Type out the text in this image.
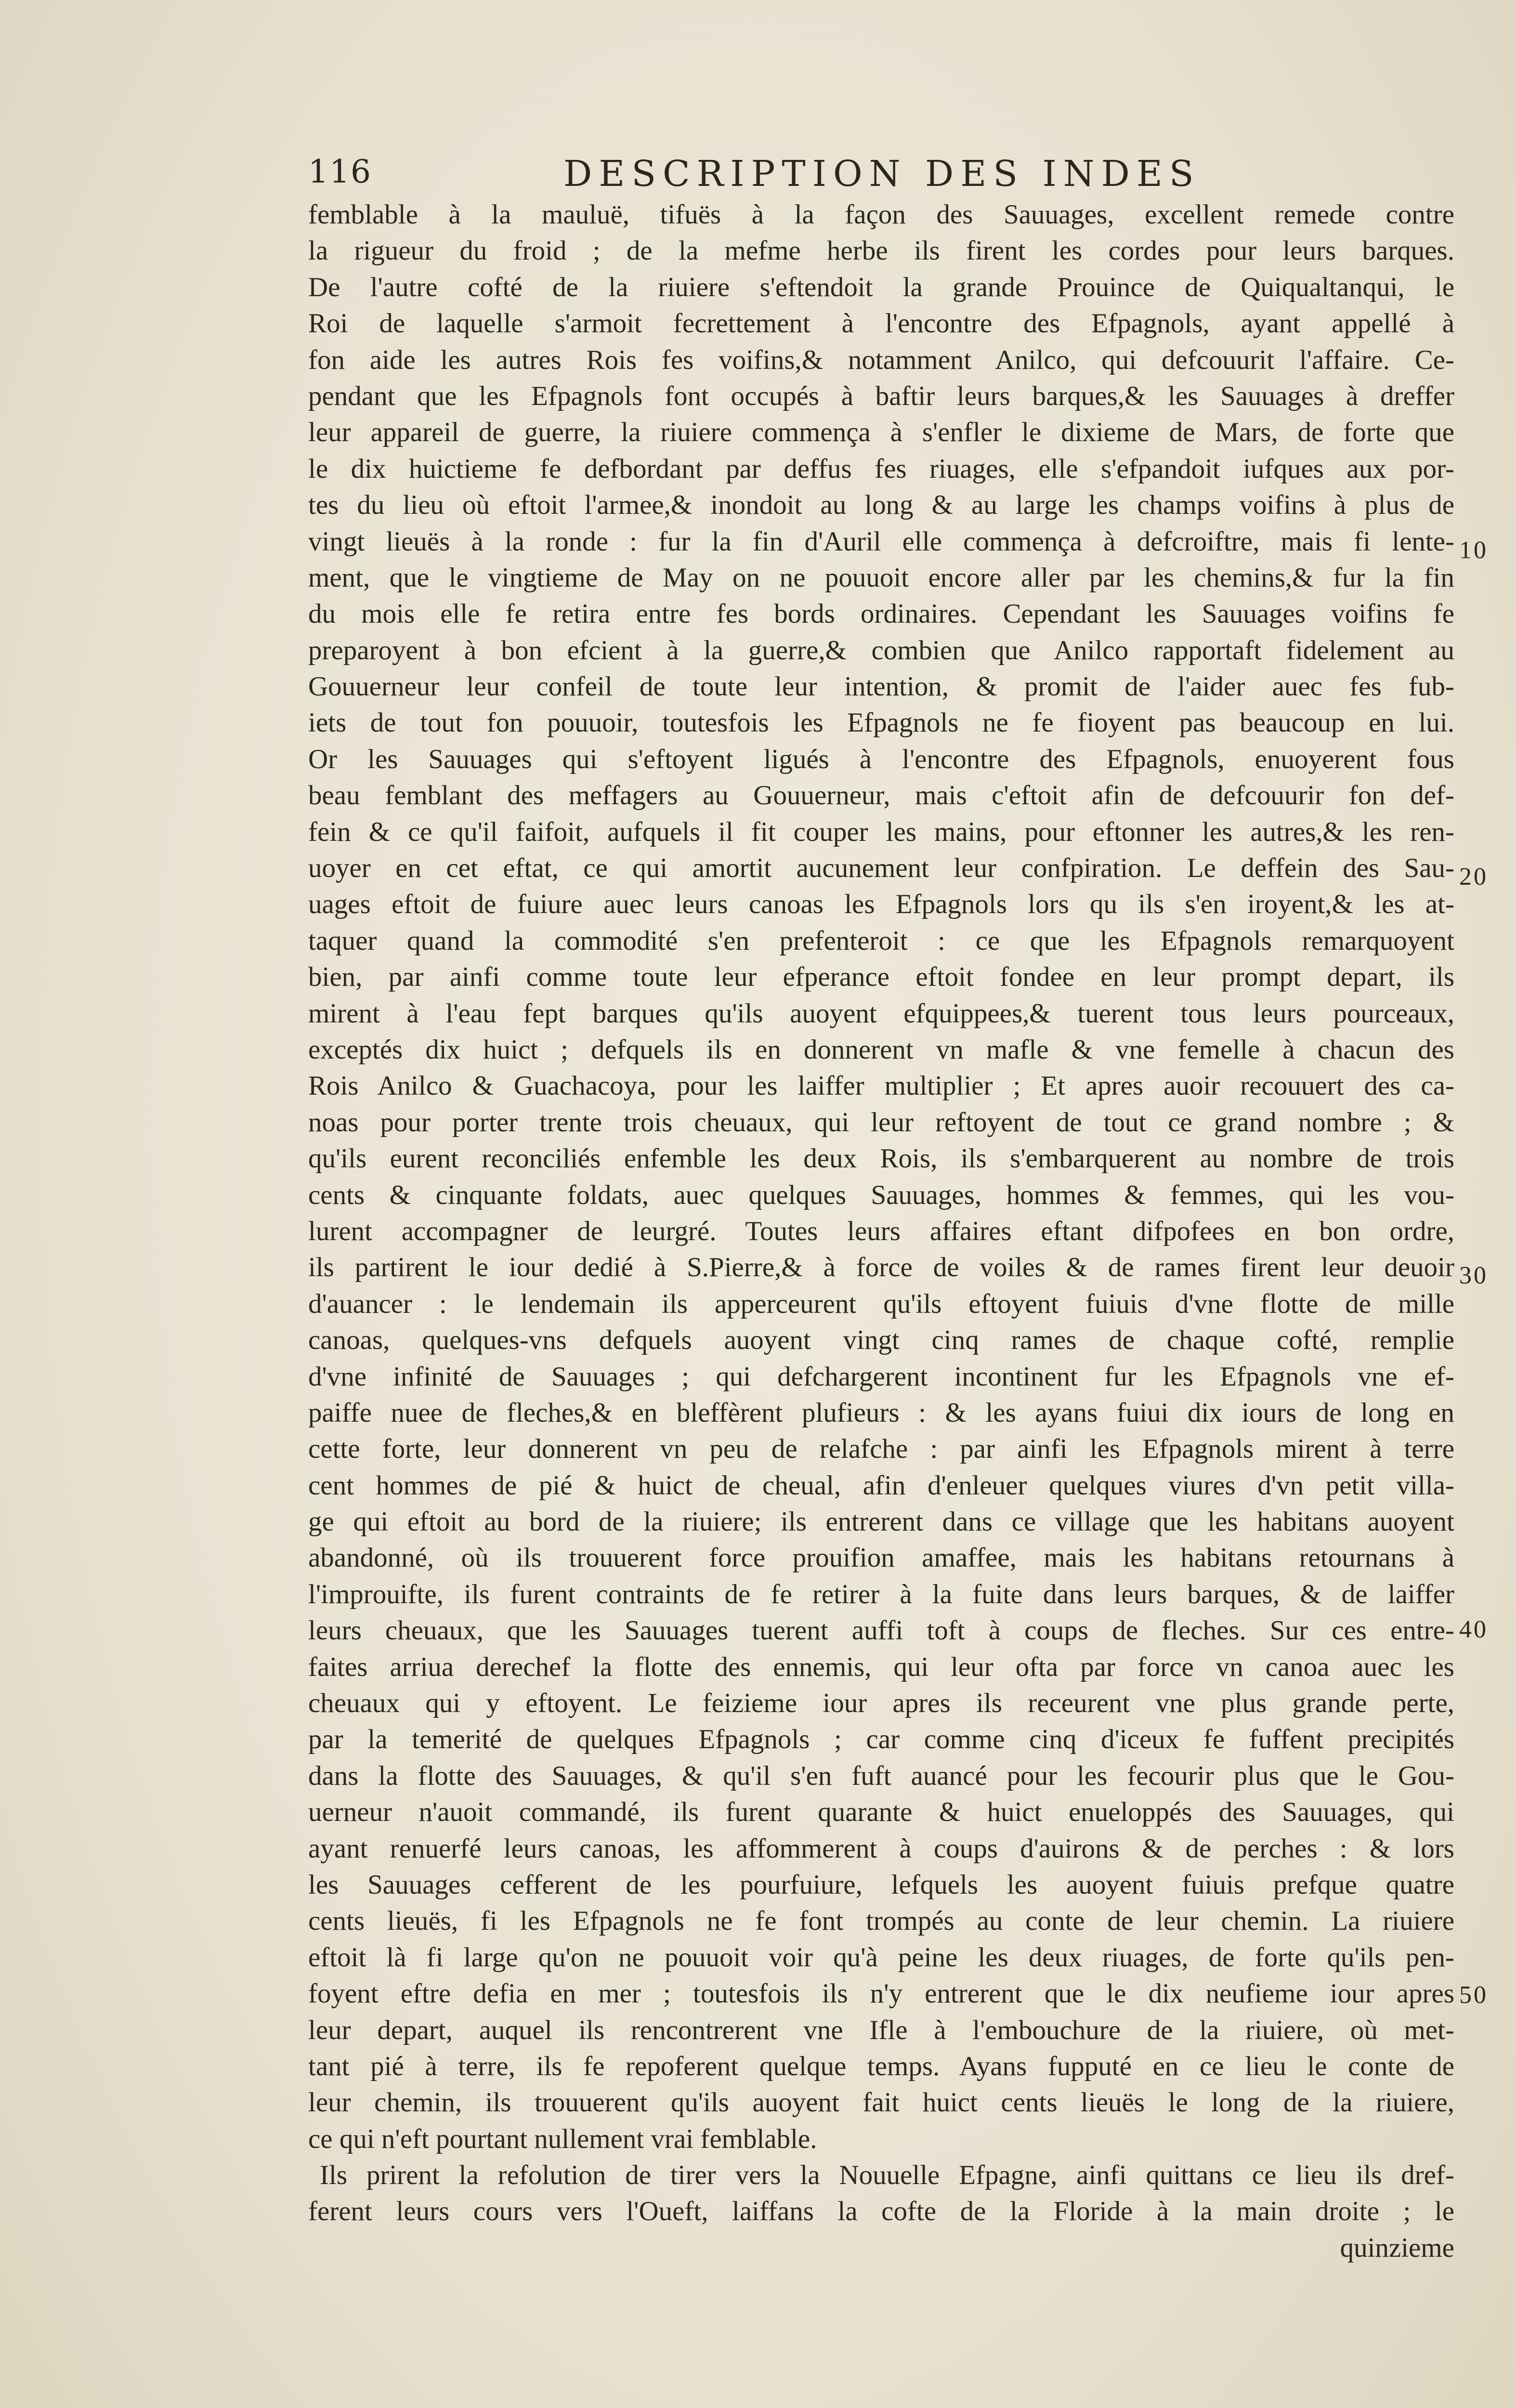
116	DESCRIPTION DES INDES
femblable à la mauluë, tifuës à la façon des Sauuages, excellent remede contre
la rigueur du froid ; de la mefme herbe ils firent les cordes pour leurs barques.
De l'autre cofté de la riuiere s'eftendoit la grande Prouince de Quiqualtanqui, le
Roi de laquelle s'armoit fecrettement à l'encontre des Efpagnols, ayant appellé à
fon aide les autres Rois fes voifins,& notamment Anilco, qui defcouurit l'affaire. Ce-
pendant que les Efpagnols font occupés à baftir leurs barques,& les Sauuages à dreffer
leur appareil de guerre, la riuiere commença à s'enfler le dixieme de Mars, de forte que
le dix huictieme fe defbordant par deffus fes riuages, elle s'efpandoit iufques aux por-
tes du lieu où eftoit l'armee,& inondoit au long & au large les champs voifins à plus de
vingt lieuës à la ronde : fur la fin d'Auril elle commença à defcroiftre, mais fi lente-
ment, que le vingtieme de May on ne pouuoit encore aller par les chemins,& fur la fin
du mois elle fe retira entre fes bords ordinaires. Cependant les Sauuages voifins fe
preparoyent à bon efcient à la guerre,& combien que Anilco rapportaft fidelement au
Gouuerneur leur confeil de toute leur intention, & promit de l'aider auec fes fub-
iets de tout fon pouuoir, toutesfois les Efpagnols ne fe fioyent pas beaucoup en lui.
Or les Sauuages qui s'eftoyent ligués à l'encontre des Efpagnols, enuoyerent fous
beau femblant des meffagers au Gouuerneur, mais c'eftoit afin de defcouurir fon def-
fein & ce qu'il faifoit, aufquels il fit couper les mains, pour eftonner les autres,& les ren-
uoyer en cet eftat, ce qui amortit aucunement leur confpiration. Le deffein des Sau-
uages eftoit de fuiure auec leurs canoas les Efpagnols lors qu ils s'en iroyent,& les at-
taquer quand la commodité s'en prefenteroit : ce que les Efpagnols remarquoyent
bien, par ainfi comme toute leur efperance eftoit fondee en leur prompt depart, ils
mirent à l'eau fept barques qu'ils auoyent efquippees,& tuerent tous leurs pourceaux,
exceptés dix huict ; defquels ils en donnerent vn mafle & vne femelle à chacun des
Rois Anilco & Guachacoya, pour les laiffer multiplier ; Et apres auoir recouuert des ca-
noas pour porter trente trois cheuaux, qui leur reftoyent de tout ce grand nombre ; &
qu'ils eurent reconciliés enfemble les deux Rois, ils s'embarquerent au nombre de trois
cents & cinquante foldats, auec quelques Sauuages, hommes & femmes, qui les vou-
lurent accompagner de leurgré. Toutes leurs affaires eftant difpofees en bon ordre,
ils partirent le iour dedié à S.Pierre,& à force de voiles & de rames firent leur deuoir
d'auancer : le lendemain ils apperceurent qu'ils eftoyent fuiuis d'vne flotte de mille
canoas, quelques-vns defquels auoyent vingt cinq rames de chaque cofté, remplie
d'vne infinité de Sauuages ; qui defchargerent incontinent fur les Efpagnols vne ef-
paiffe nuee de fleches,& en bleffèrent plufieurs : & les ayans fuiui dix iours de long en
cette forte, leur donnerent vn peu de relafche : par ainfi les Efpagnols mirent à terre
cent hommes de pié & huict de cheual, afin d'enleuer quelques viures d'vn petit villa-
ge qui eftoit au bord de la riuiere; ils entrerent dans ce village que les habitans auoyent
abandonné, où ils trouuerent force prouifion amaffee, mais les habitans retournans à
l'improuifte, ils furent contraints de fe retirer à la fuite dans leurs barques, & de laiffer
leurs cheuaux, que les Sauuages tuerent auffi toft à coups de fleches. Sur ces entre-
faites arriua derechef la flotte des ennemis, qui leur ofta par force vn canoa auec les
cheuaux qui y eftoyent. Le feizieme iour apres ils receurent vne plus grande perte,
par la temerité de quelques Efpagnols ; car comme cinq d'iceux fe fuffent precipités
dans la flotte des Sauuages, & qu'il s'en fuft auancé pour les fecourir plus que le Gou-
uerneur n'auoit commandé, ils furent quarante & huict enueloppés des Sauuages, qui
ayant renuerfé leurs canoas, les affommerent à coups d'auirons & de perches : & lors
les Sauuages cefferent de les pourfuiure, lefquels les auoyent fuiuis prefque quatre
cents lieuës, fi les Efpagnols ne fe font trompés au conte de leur chemin. La riuiere
eftoit là fi large qu'on ne pouuoit voir qu'à peine les deux riuages, de forte qu'ils pen-
foyent eftre defia en mer ; toutesfois ils n'y entrerent que le dix neufieme iour apres
leur depart, auquel ils rencontrerent vne Ifle à l'embouchure de la riuiere, où met-
tant pié à terre, ils fe repoferent quelque temps. Ayans fupputé en ce lieu le conte de
leur chemin, ils trouuerent qu'ils auoyent fait huict cents lieuës le long de la riuiere,
ce qui n'eft pourtant nullement vrai femblable.
Ils prirent la refolution de tirer vers la Nouuelle Efpagne, ainfi quittans ce lieu ils dref-
ferent leurs cours vers l'Oueft, laiffans la cofte de la Floride à la main droite ; le
quinzieme
10
20
30
40
50
